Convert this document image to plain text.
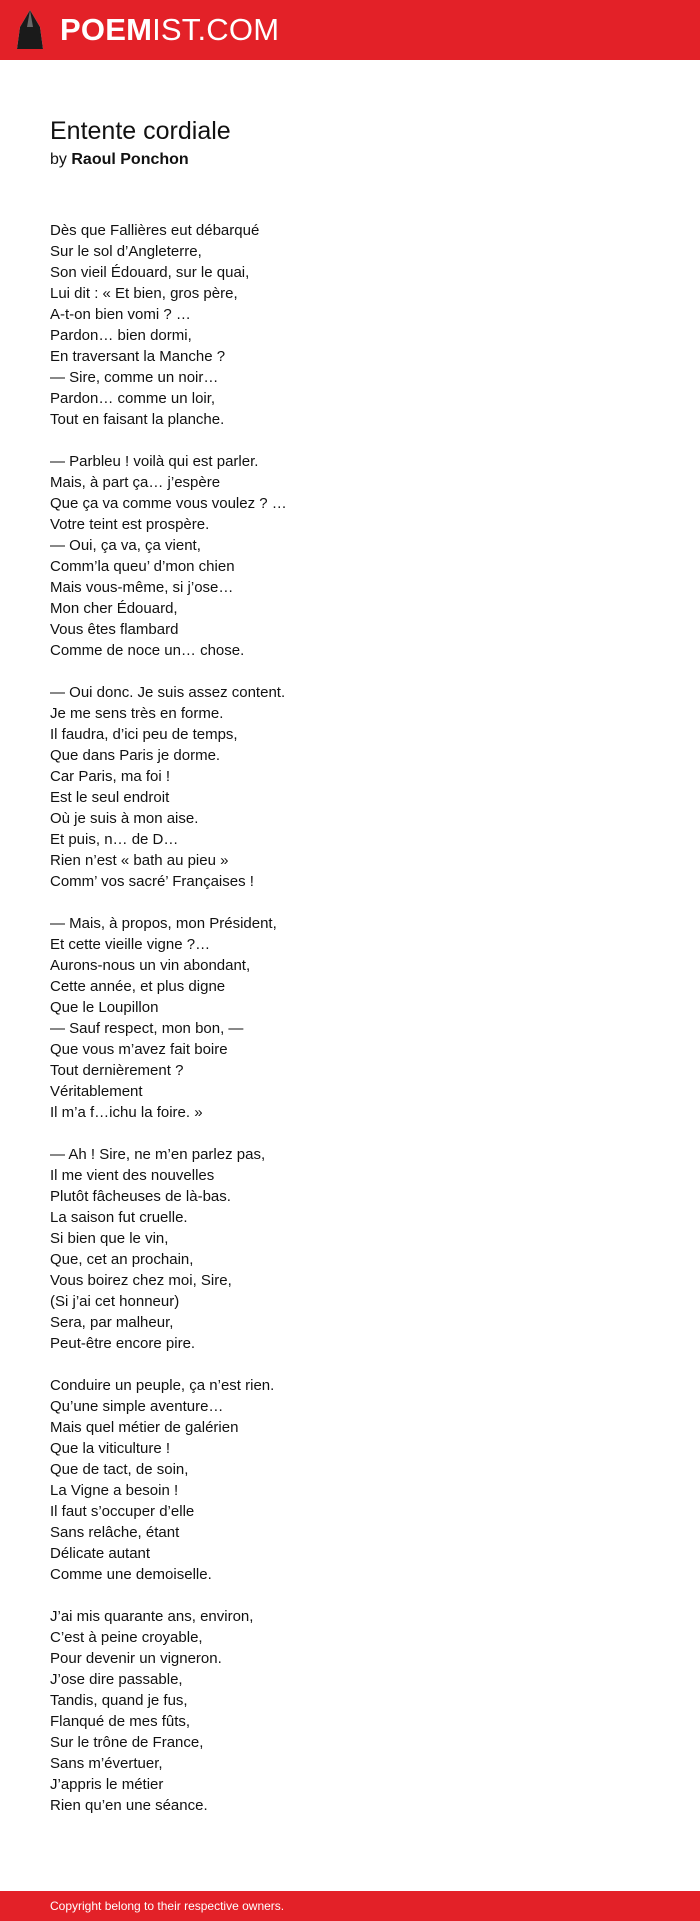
POEMIST.COM
Entente cordiale
by Raoul Ponchon
Dès que Fallières eut débarqué
Sur le sol d’Angleterre,
Son vieil Édouard, sur le quai,
Lui dit : « Et bien, gros père,
A-t-on bien vomi ? …
Pardon… bien dormi,
En traversant la Manche ?
— Sire, comme un noir…
Pardon… comme un loir,
Tout en faisant la planche.
— Parbleu ! voilà qui est parler.
Mais, à part ça… j’espère
Que ça va comme vous voulez ? …
Votre teint est prospère.
— Oui, ça va, ça vient,
Comm’la queu’ d’mon chien
Mais vous-même, si j’ose…
Mon cher Édouard,
Vous êtes flambard
Comme de noce un… chose.
— Oui donc. Je suis assez content.
Je me sens très en forme.
Il faudra, d’ici peu de temps,
Que dans Paris je dorme.
Car Paris, ma foi !
Est le seul endroit
Où je suis à mon aise.
Et puis, n… de D…
Rien n’est « bath au pieu »
Comm’ vos sacré’ Françaises !
— Mais, à propos, mon Président,
Et cette vieille vigne ?…
Aurons-nous un vin abondant,
Cette année, et plus digne
Que le Loupillon
— Sauf respect, mon bon, —
Que vous m’avez fait boire
Tout dernièrement ?
Véritablement
Il m’a f…ichu la foire. »
— Ah ! Sire, ne m’en parlez pas,
Il me vient des nouvelles
Plutôt fâcheuses de là-bas.
La saison fut cruelle.
Si bien que le vin,
Que, cet an prochain,
Vous boirez chez moi, Sire,
(Si j’ai cet honneur)
Sera, par malheur,
Peut-être encore pire.
Conduire un peuple, ça n’est rien.
Qu’une simple aventure…
Mais quel métier de galérien
Que la viticulture !
Que de tact, de soin,
La Vigne a besoin !
Il faut s’occuper d’elle
Sans relâche, étant
Délicate autant
Comme une demoiselle.
J’ai mis quarante ans, environ,
C’est à peine croyable,
Pour devenir un vigneron.
J’ose dire passable,
Tandis, quand je fus,
Flanqué de mes fûts,
Sur le trône de France,
Sans m’évertuer,
J’appris le métier
Rien qu’en une séance.
Copyright belong to their respective owners.
